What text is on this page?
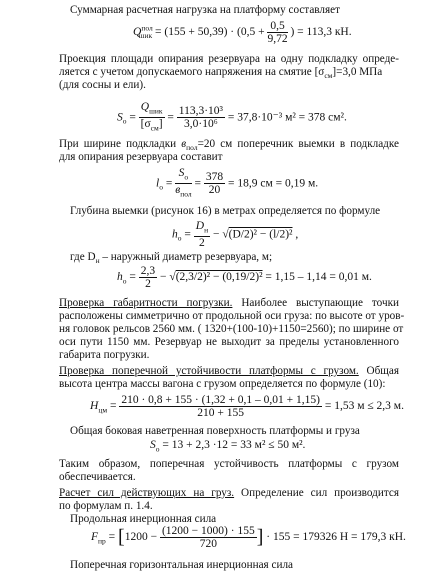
Суммарная расчетная нагрузка на платформу составляет
$Q^{пол}_{шик} = (155 + 50,39) \cdot (0,5 + \frac{0,5}{9,72}$ ) = 113,3 кН.
Проекция площади опирания резервуара на одну подкладку опреде-
ляется с учетом допускаемого напряжения на смятие $[\sigma_{см}]=3,0$ МПа
(для сосны и ели).
$S_о = \frac{Q_{шик}}{[\sigma_{см}]} = \frac{\text{113,3·10³}}{\text{3,0·10⁶}} = 37,8\cdot 10^{-3}$ м² = 378 см².
При ширине подкладки $в_{пол}=20$ см поперечник выемки в подкладке
для опирания резервуара составит
$l_о = \frac{S_о}{в_{пол}} = \frac{378}{20} = 18,9$ см = 0,19 м.
Глубина выемки (рисунок 16) в метрах определяется по формуле
$h_о = \frac{D_н}{2} - √(D/2)^2 - (l/2)^2$ ,
где $D_н$ – наружный диаметр резервуара, м;
$h_о = \frac{2,3}{2} - √(2,3/2)^2 - (0,19/2)^2 = 1,15 - 1,14 = 0,01$ м.
Проверка габаритности погрузки. Наиболее выступающие точки
расположены симметрично от продольной оси груза: по высоте от уров-
ня головок рельсов 2560 мм. ( 1320+(100-10)+1150=2560); по ширине от
оси пути 1150 мм. Резервуар не выходит за пределы установленного
габарита погрузки.
Проверка поперечной устойчивости платформы с грузом. Общая
высота центра массы вагона с грузом определяется по формуле (10):
$H_{цм} = \frac{210 \cdot 0,8 + 155 \cdot (1,32 + 0,1 - 0,01 + 1,15)}{210 + 155} = 1,53$ м ≤ 2,3 м.
Общая боковая наветренная поверхность платформы и груза
$S_о = 13 + 2,3 \cdot 12 = 33$ м² ≤ 50 м².
Таким образом, поперечная устойчивость платформы с грузом
обеспечивается.
Расчет сил действующих на груз. Определение сил производится
по формулам п. 1.4.
Продольная инерционная сила
$F_{пр} = [1200 - \frac{(1200 - 1000) \cdot 155}{720}$ ] · 155 = 179326 Н = 179,3 кН.
Поперечная горизонтальная инерционная сила
